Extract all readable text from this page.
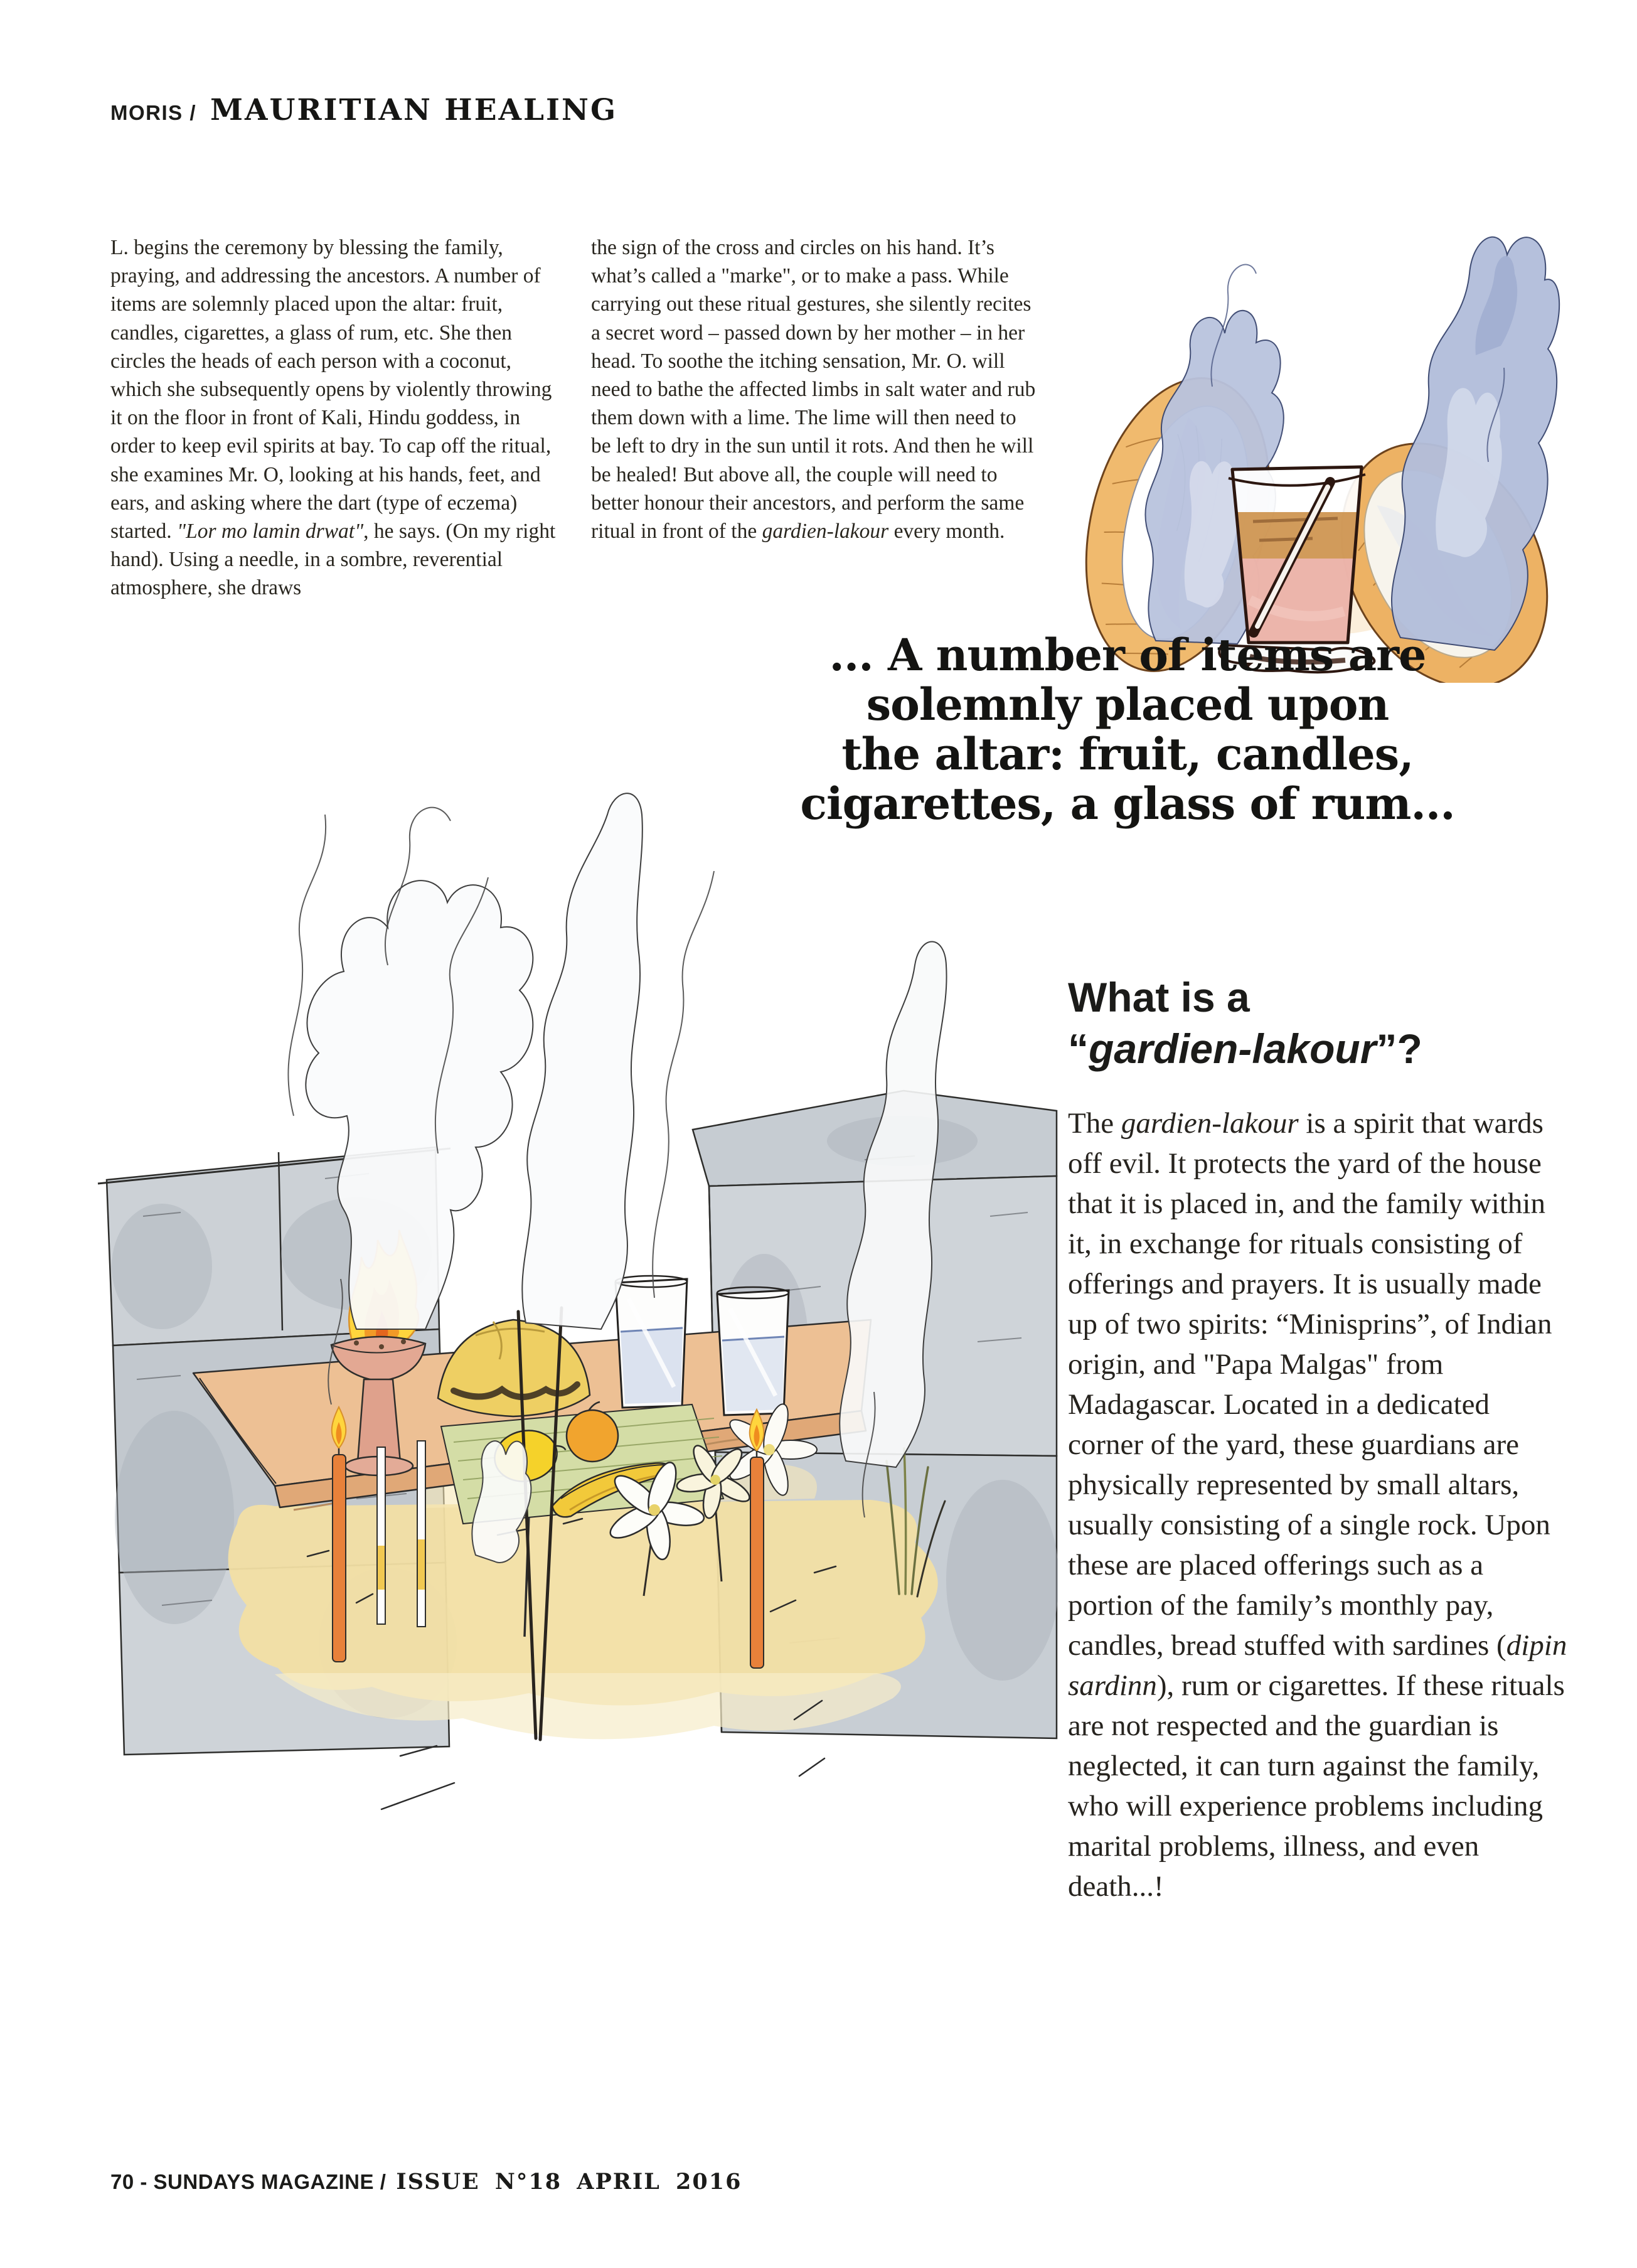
MORIS / MAURITIAN HEALING

L. begins the ceremony by blessing the family, praying, and addressing the ancestors. A number of items are solemnly placed upon the altar: fruit, candles, cigarettes, a glass of rum, etc. She then circles the heads of each person with a coconut, which she subsequently opens by violently throwing it on the floor in front of Kali, Hindu goddess, in order to keep evil spirits at bay. To cap off the ritual, she examines Mr. O, looking at his hands, feet, and ears, and asking where the dart (type of eczema) started. "Lor mo lamin drwat", he says. (On my right hand). Using a needle, in a sombre, reverential atmosphere, she draws

the sign of the cross and circles on his hand. It’s what’s called a "marke", or to make a pass. While carrying out these ritual gestures, she silently recites a secret word – passed down by her mother – in her head. To soothe the itching sensation, Mr. O. will need to bathe the affected limbs in salt water and rub them down with a lime. The lime will then need to be left to dry in the sun until it rots. And then he will be healed! But above all, the couple will need to better honour their ancestors, and perform the same ritual in front of the gardien-lakour every month.

... A number of items are
solemnly placed upon
the altar: fruit, candles,
cigarettes, a glass of rum...
What is a
“gardien-lakour”?

The gardien-lakour is a spirit that wards off evil. It protects the yard of the house that it is placed in, and the family within it, in exchange for rituals consisting of offerings and prayers. It is usually made up of two spirits: “Minisprins”, of Indian origin, and "Papa Malgas" from Madagascar. Located in a dedicated corner of the yard, these guardians are physically represented by small altars, usually consisting of a single rock. Upon these are placed offerings such as a portion of the family’s monthly pay, candles, bread stuffed with sardines (dipin sardinn), rum or cigarettes. If these rituals are not respected and the guardian is neglected, it can turn against the family, who will experience problems including marital problems, illness, and even death...!

70 - SUNDAYS MAGAZINE / ISSUE N°18 APRIL 2016
